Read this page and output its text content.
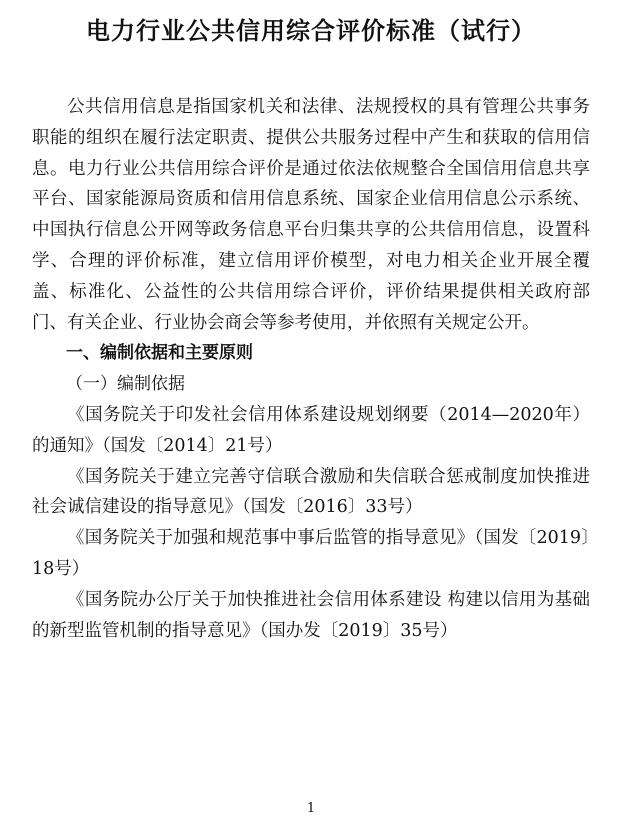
电力行业公共信用综合评价标准（试行）

公共信用信息是指国家机关和法律、法规授权的具有管理公共事务职能的组织在履行法定职责、提供公共服务过程中产生和获取的信用信息。电力行业公共信用综合评价是通过依法依规整合全国信用信息共享平台、国家能源局资质和信用信息系统、国家企业信用信息公示系统、中国执行信息公开网等政务信息平台归集共享的公共信用信息，设置科学、合理的评价标准，建立信用评价模型，对电力相关企业开展全覆盖、标准化、公益性的公共信用综合评价，评价结果提供相关政府部门、有关企业、行业协会商会等参考使用，并依照有关规定公开。

一、编制依据和主要原则

（一）编制依据

《国务院关于印发社会信用体系建设规划纲要（2014—2020年）的通知》（国发〔2014〕21号）

《国务院关于建立完善守信联合激励和失信联合惩戒制度加快推进社会诚信建设的指导意见》（国发〔2016〕33号）

《国务院关于加强和规范事中事后监管的指导意见》（国发〔2019〕18号）

《国务院办公厅关于加快推进社会信用体系建设 构建以信用为基础的新型监管机制的指导意见》（国办发〔2019〕35号）

1
